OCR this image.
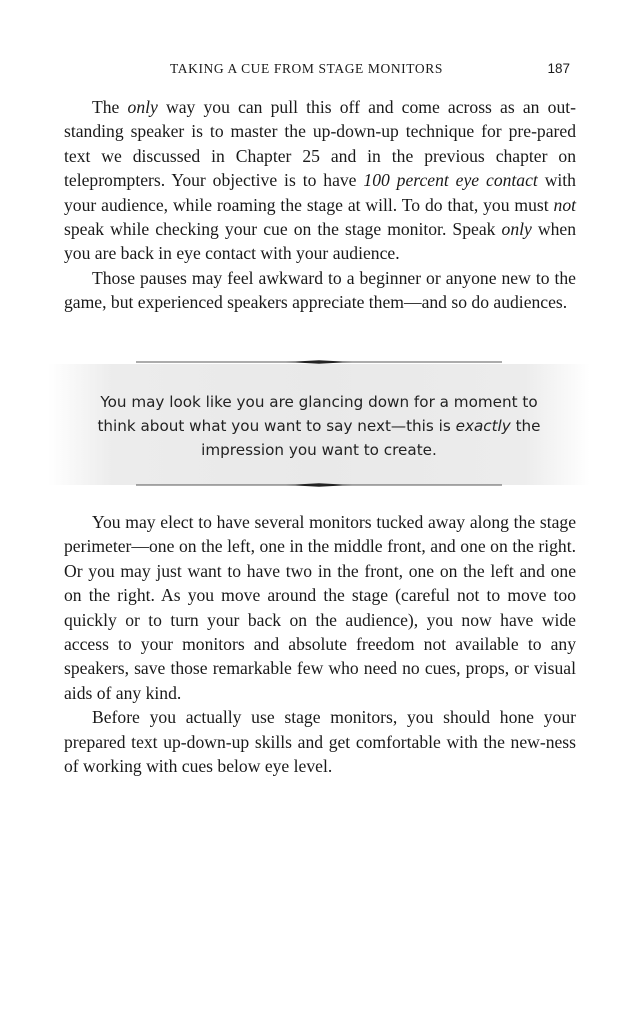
TAKING A CUE FROM STAGE MONITORS	187

The only way you can pull this off and come across as an out-standing speaker is to master the up-down-up technique for pre-pared text we discussed in Chapter 25 and in the previous chapter on teleprompters. Your objective is to have 100 percent eye contact with your audience, while roaming the stage at will. To do that, you must not speak while checking your cue on the stage monitor. Speak only when you are back in eye contact with your audience.

Those pauses may feel awkward to a beginner or anyone new to the game, but experienced speakers appreciate them—and so do audiences.

You may look like you are glancing down for a moment to think about what you want to say next—this is exactly the impression you want to create.

You may elect to have several monitors tucked away along the stage perimeter—one on the left, one in the middle front, and one on the right. Or you may just want to have two in the front, one on the left and one on the right. As you move around the stage (careful not to move too quickly or to turn your back on the audience), you now have wide access to your monitors and absolute freedom not available to any speakers, save those remarkable few who need no cues, props, or visual aids of any kind.

Before you actually use stage monitors, you should hone your prepared text up-down-up skills and get comfortable with the new-ness of working with cues below eye level.
